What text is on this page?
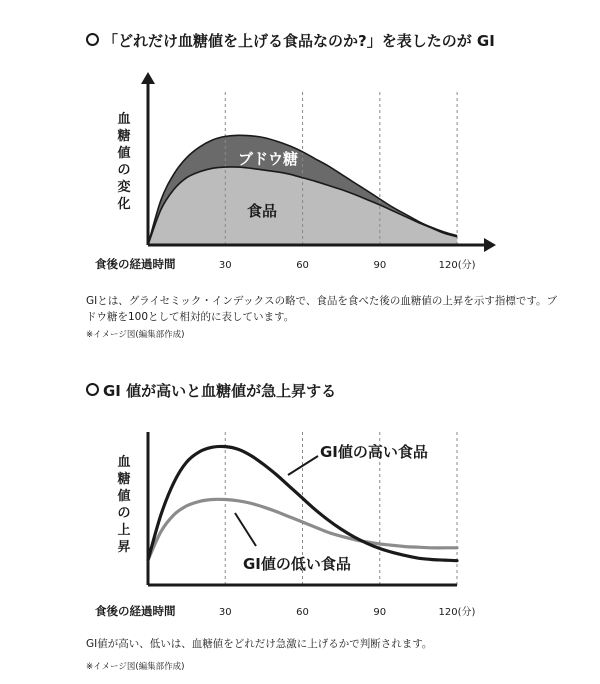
「どれだけ血糖値を上げる食品なのか?」を表したのが GI
30	60	90	120(分)
血
糖
値
の
変
化
食後の経過時間
ブドウ糖
食品
GIとは、グライセミック・インデックスの略で、食品を食べた後の血糖値の上昇を示す指標です。ブドウ糖を100として相対的に表しています。
※イメージ図(編集部作成)
GI 値が高いと血糖値が急上昇する
30	60	90	120(分)
血
糖
値
の
上
昇
食後の経過時間
GI値の高い食品
GI値の低い食品
GI値が高い、低いは、血糖値をどれだけ急激に上げるかで判断されます。
※イメージ図(編集部作成)
